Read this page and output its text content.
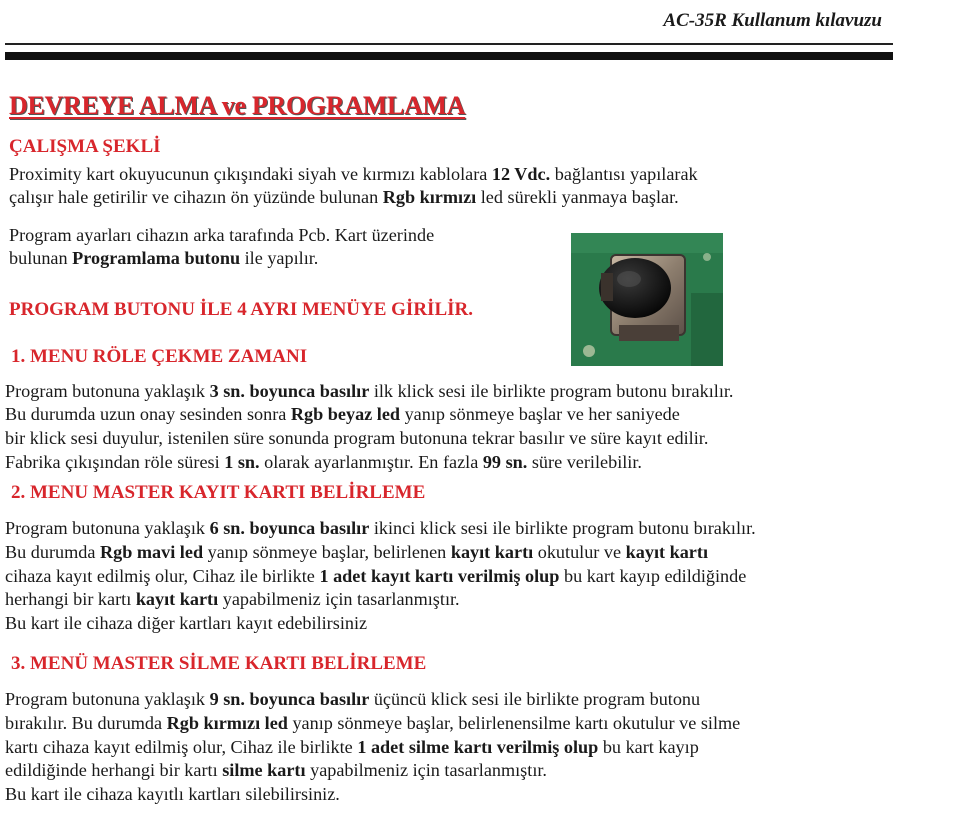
AC-35R Kullanum kılavuzu
DEVREYE ALMA ve PROGRAMLAMA
ÇALIŞMA ŞEKLİ

Proximity kart okuyucunun çıkışındaki siyah ve kırmızı kablolara 12 Vdc. bağlantısı yapılarak

çalışır hale getirilir ve cihazın ön yüzünde bulunan Rgb kırmızı led sürekli yanmaya başlar.

Program ayarları cihazın arka tarafında Pcb. Kart üzerinde

bulunan Programlama butonu ile yapılır.

PROGRAM BUTONU İLE 4 AYRI MENÜYE GİRİLİR.
1. MENU RÖLE ÇEKME ZAMANI

Program butonuna yaklaşık 3 sn. boyunca basılır ilk klick sesi ile birlikte program butonu bırakılır.

Bu durumda uzun onay sesinden sonra Rgb beyaz led yanıp sönmeye başlar ve her saniyede

bir klick sesi duyulur, istenilen süre sonunda program butonuna tekrar basılır ve süre kayıt edilir.

Fabrika çıkışından röle süresi 1 sn. olarak ayarlanmıştır. En fazla 99 sn. süre verilebilir.

2. MENU MASTER KAYIT KARTI BELİRLEME

Program butonuna yaklaşık 6 sn. boyunca basılır ikinci klick sesi ile birlikte program butonu bırakılır.

Bu durumda Rgb mavi led yanıp sönmeye başlar, belirlenen kayıt kartı okutulur ve kayıt kartı

cihaza kayıt edilmiş olur, Cihaz ile birlikte 1 adet kayıt kartı verilmiş olup bu kart kayıp edildiğinde

herhangi bir kartı kayıt kartı yapabilmeniz için tasarlanmıştır.

Bu kart ile cihaza diğer kartları kayıt edebilirsiniz

3. MENÜ MASTER SİLME KARTI BELİRLEME

Program butonuna yaklaşık 9 sn. boyunca basılır üçüncü klick sesi ile birlikte program butonu

bırakılır. Bu durumda Rgb kırmızı led yanıp sönmeye başlar, belirlenensilme kartı okutulur ve silme

kartı cihaza kayıt edilmiş olur, Cihaz ile birlikte 1 adet silme kartı verilmiş olup bu kart kayıp

edildiğinde herhangi bir kartı silme kartı yapabilmeniz için tasarlanmıştır.

Bu kart ile cihaza kayıtlı kartları silebilirsiniz.
